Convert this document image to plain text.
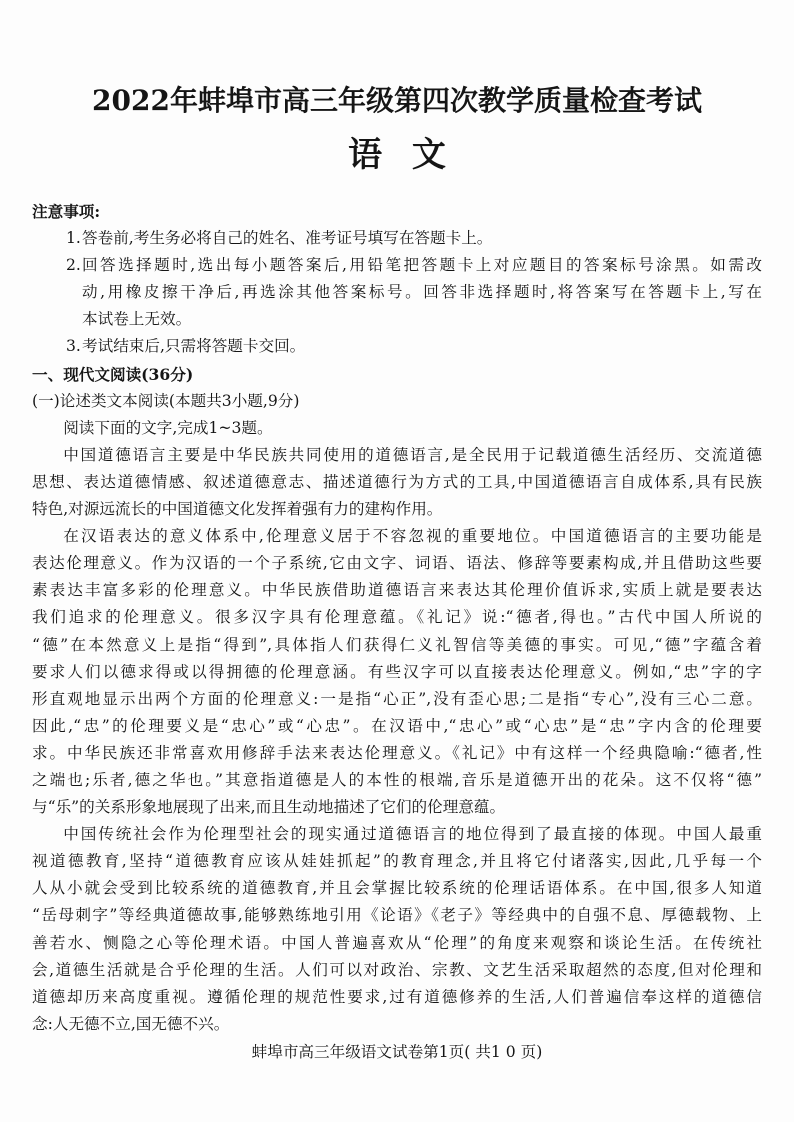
2022年蚌埠市高三年级第四次教学质量检查考试
语 文
注意事项:
1. 答卷前,考生务必将自己的姓名、准考证号填写在答题卡上。
2. 回答选择题时,选出每小题答案后,用铅笔把答题卡上对应题目的答案标号涂黑。如需改
动,用橡皮擦干净后,再选涂其他答案标号。回答非选择题时,将答案写在答题卡上,写在
本试卷上无效。
3. 考试结束后,只需将答题卡交回。
一、现代文阅读(36分)
(一)论述类文本阅读(本题共3小题,9分)
阅读下面的文字,完成1~3题。
中国道德语言主要是中华民族共同使用的道德语言,是全民用于记载道德生活经历、交流道德
思想、表达道德情感、叙述道德意志、描述道德行为方式的工具,中国道德语言自成体系,具有民族
特色,对源远流长的中国道德文化发挥着强有力的建构作用。
在汉语表达的意义体系中,伦理意义居于不容忽视的重要地位。中国道德语言的主要功能是
表达伦理意义。作为汉语的一个子系统,它由文字、词语、语法、修辞等要素构成,并且借助这些要
素表达丰富多彩的伦理意义。中华民族借助道德语言来表达其伦理价值诉求,实质上就是要表达
我们追求的伦理意义。很多汉字具有伦理意蕴。《礼记》说:“德者,得也。”古代中国人所说的
“德”在本然意义上是指“得到”,具体指人们获得仁义礼智信等美德的事实。可见,“德”字蕴含着
要求人们以德求得或以得拥德的伦理意涵。有些汉字可以直接表达伦理意义。例如,“忠”字的字
形直观地显示出两个方面的伦理意义:一是指“心正”,没有歪心思;二是指“专心”,没有三心二意。
因此,“忠”的伦理要义是“忠心”或“心忠”。在汉语中,“忠心”或“心忠”是“忠”字内含的伦理要
求。中华民族还非常喜欢用修辞手法来表达伦理意义。《礼记》中有这样一个经典隐喻:“德者,性
之端也;乐者,德之华也。”其意指道德是人的本性的根端,音乐是道德开出的花朵。这不仅将“德”
与“乐”的关系形象地展现了出来,而且生动地描述了它们的伦理意蕴。
中国传统社会作为伦理型社会的现实通过道德语言的地位得到了最直接的体现。中国人最重
视道德教育,坚持“道德教育应该从娃娃抓起”的教育理念,并且将它付诸落实,因此,几乎每一个
人从小就会受到比较系统的道德教育,并且会掌握比较系统的伦理话语体系。在中国,很多人知道
“岳母刺字”等经典道德故事,能够熟练地引用《论语》《老子》等经典中的自强不息、厚德载物、上
善若水、恻隐之心等伦理术语。中国人普遍喜欢从“伦理”的角度来观察和谈论生活。在传统社
会,道德生活就是合乎伦理的生活。人们可以对政治、宗教、文艺生活采取超然的态度,但对伦理和
道德却历来高度重视。遵循伦理的规范性要求,过有道德修养的生活,人们普遍信奉这样的道德信
念:人无德不立,国无德不兴。
蚌埠市高三年级语文试卷第1页( 共1 0 页)
